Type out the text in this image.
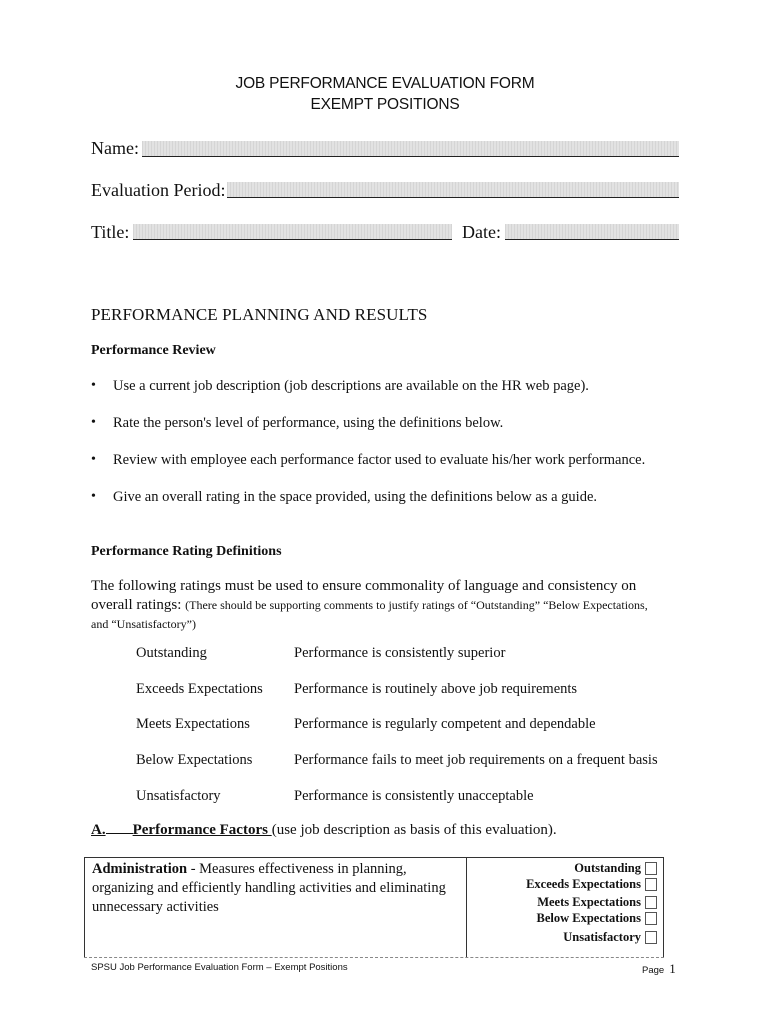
JOB PERFORMANCE EVALUATION FORM
EXEMPT POSITIONS
Name:
Evaluation Period:
Title:	Date:
PERFORMANCE PLANNING AND RESULTS
Performance Review
• Use a current job description (job descriptions are available on the HR web page).
• Rate the person's level of performance, using the definitions below.
• Review with employee each performance factor used to evaluate his/her work performance.
• Give an overall rating in the space provided, using the definitions below as a guide.
Performance Rating Definitions
The following ratings must be used to ensure commonality of language and consistency on
overall ratings: (There should be supporting comments to justify ratings of “Outstanding” “Below Expectations,
and “Unsatisfactory”)
Outstanding	Performance is consistently superior
Exceeds Expectations Performance is routinely above job requirements
Meets Expectations	Performance is regularly competent and dependable
Below Expectations	Performance fails to meet job requirements on a frequent basis
Unsatisfactory	Performance is consistently unacceptable
A. Performance Factors (use job description as basis of this evaluation).
Administration - Measures effectiveness in planning, organizing and efficiently handling activities and eliminating unnecessary activities
Outstanding
Exceeds Expectations
Meets Expectations
Below Expectations
Unsatisfactory
SPSU Job Performance Evaluation Form – Exempt Positions	Page 1
